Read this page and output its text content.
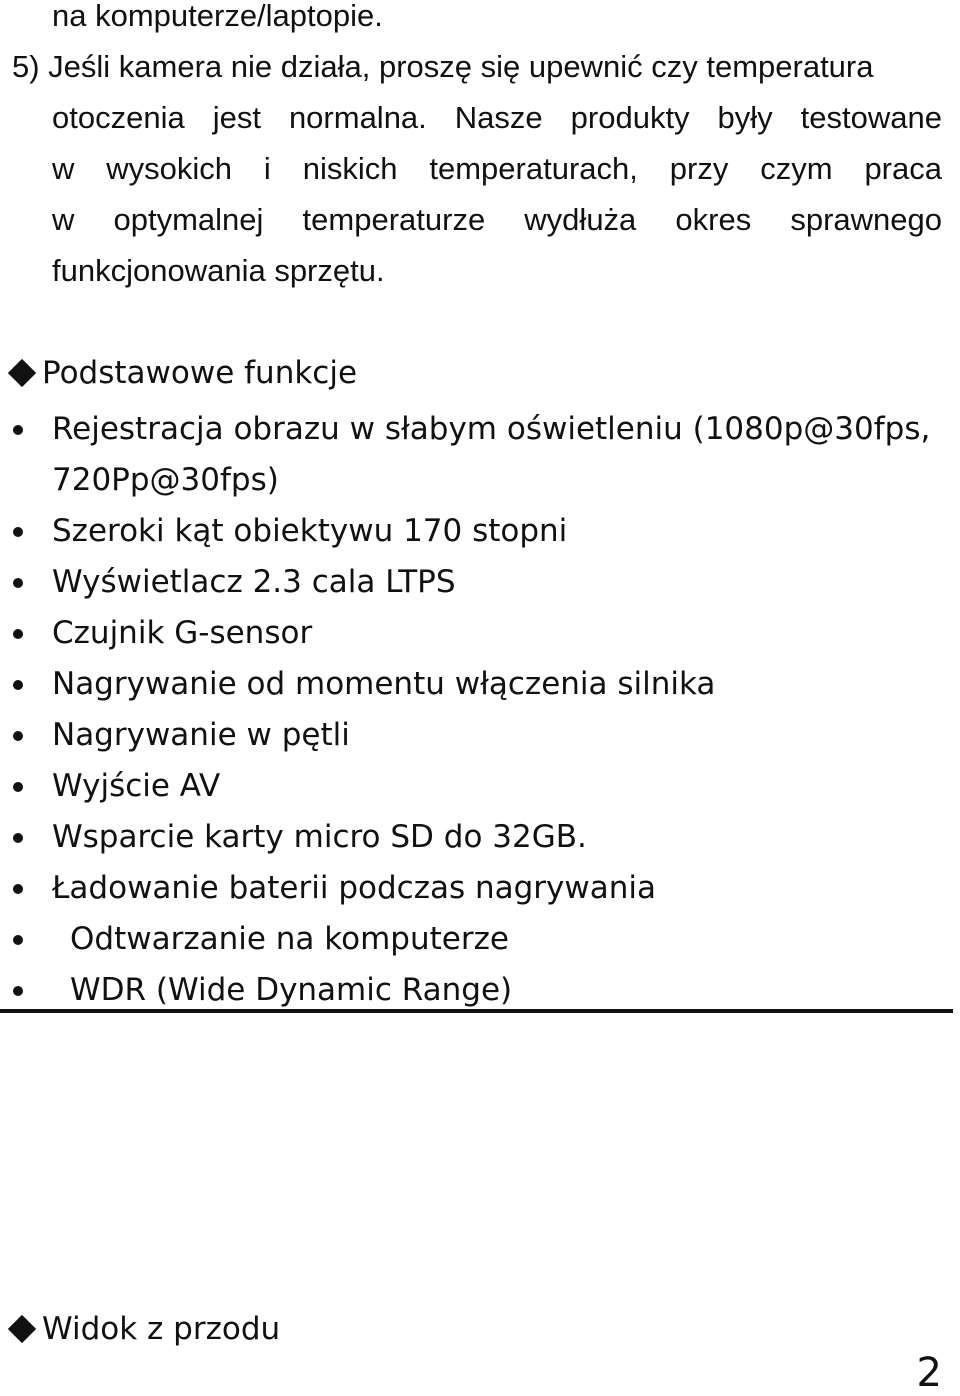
na komputerze/laptopie.
5) Jeśli kamera nie działa, proszę się upewnić czy temperatura
otoczenia jest normalna. Nasze produkty były testowane
w wysokich i niskich temperaturach, przy czym praca
w optymalnej temperaturze wydłuża okres sprawnego
funkcjonowania sprzętu.
Podstawowe funkcje
Rejestracja obrazu w słabym oświetleniu (1080p@30fps,
720Pp@30fps)
Szeroki kąt obiektywu 170 stopni
Wyświetlacz 2.3 cala LTPS
Czujnik G-sensor
Nagrywanie od momentu włączenia silnika
Nagrywanie w pętli
Wyjście AV
Wsparcie karty micro SD do 32GB.
Ładowanie baterii podczas nagrywania
Odtwarzanie na komputerze
WDR (Wide Dynamic Range)
Widok z przodu
2
